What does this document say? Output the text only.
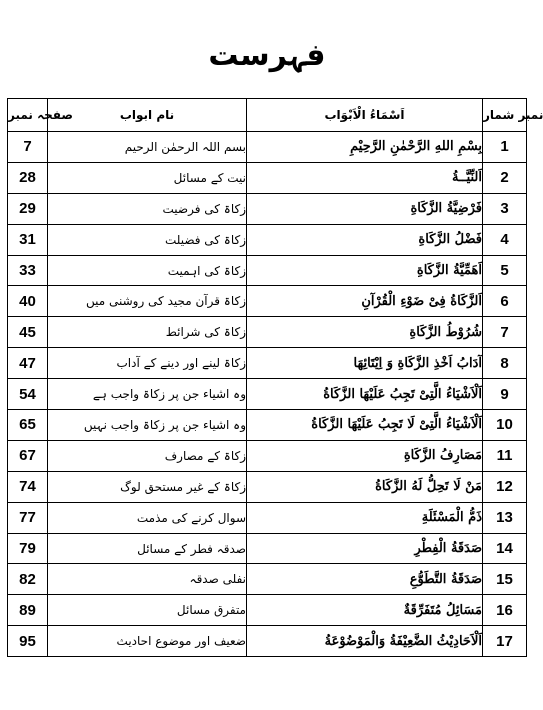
فہرست
صفحہ نمبر	نام ابواب	اَسْمَاءُ الْاَبْوَاب	نمبر شمار
7	بسم اللہ الرحمٰن الرحیم	بِسْمِ اللهِ الرَّحْمٰنِ الرَّحِیْمِ	1
28	نیت کے مسائل	اَلنِّیَّــةُ	2
29	زکاۃ کی فرضیت	فَرْضِیَّةُ الزَّكَاةِ	3
31	زکاۃ کی فضیلت	فَضْلُ الزَّكَاةِ	4
33	زکاۃ کی اہمیت	اَهَمِّیَّةُ الزَّكَاةِ	5
40	زکاۃ قرآن مجید کی روشنی میں	اَلزَّكَاةُ فِیْ ضَوْءِ الْقُرْآنِ	6
45	زکاۃ کی شرائط	شُرُوْطُ الزَّكَاةِ	7
47	زکاۃ لینے اور دینے کے آداب	آدَابُ اَخْذِ الزَّكَاةِ وَ اِیْتَائِهَا	8
54	وہ اشیاء جن پر زکاۃ واجب ہے	اَلْاَشْیَاءُ الَّتِیْ تَجِبُ عَلَیْهَا الزَّكَاةُ	9
65	وہ اشیاء جن پر زکاۃ واجب نہیں	اَلْاَشْیَاءُ الَّتِیْ لَا تَجِبُ عَلَیْهَا الزَّكَاةُ	10
67	زکاۃ کے مصارف	مَصَارِفُ الزَّكَاةِ	11
74	زکاۃ کے غیر مستحق لوگ	مَنْ لَا تَحِلُّ لَهُ الزَّكَاةُ	12
77	سوال کرنے کی مذمت	ذَمُّ الْمَسْئَلَةِ	13
79	صدقہ فطر کے مسائل	صَدَقَةُ الْفِطْرِ	14
82	نفلی صدقہ	صَدَقَةُ التَّطَوُّعِ	15
89	متفرق مسائل	مَسَائِلُ مُتَفَرِّقَةٌ	16
95	ضعیف اور موضوع احادیث	اَلْاَحَادِیْثُ الضَّعِیْفَةُ وَالْمَوْضُوْعَةُ	17
